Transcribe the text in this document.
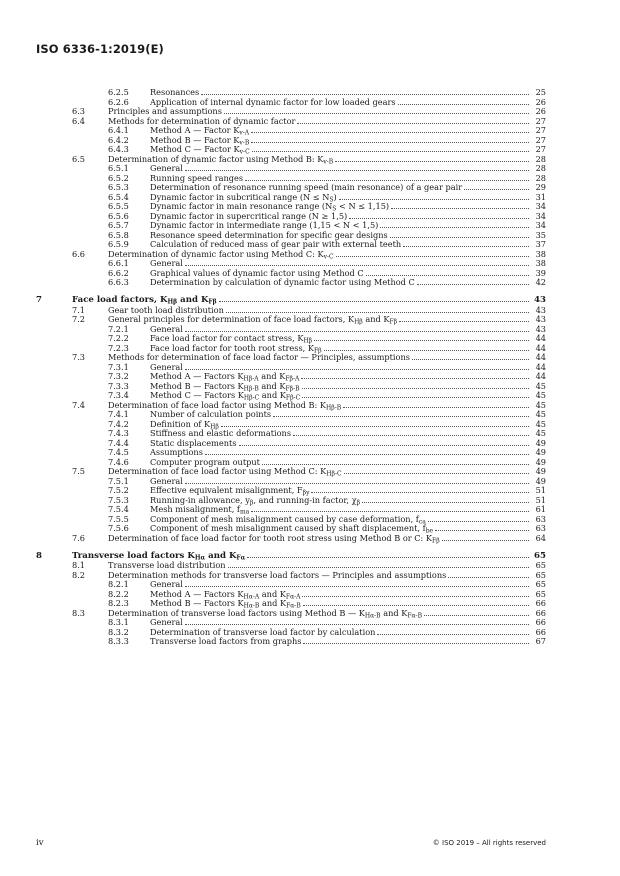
ISO 6336-1:2019(E)
6.2.5	Resonances	25
6.2.6	Application of internal dynamic factor for low loaded gears	26
6.3	Principles and assumptions	26
6.4	Methods for determination of dynamic factor	27
6.4.1	Method A — Factor $K_{v-A}$	27
6.4.2	Method B — Factor $K_{v-B}$	27
6.4.3	Method C — Factor $K_{v-C}$	27
6.5	Determination of dynamic factor using Method B: $K_{v-B}$	28
6.5.1	General	28
6.5.2	Running speed ranges	28
6.5.3	Determination of resonance running speed (main resonance) of a gear pair	29
6.5.4	Dynamic factor in subcritical range $(N \le N_S)$	31
6.5.5	Dynamic factor in main resonance range $(N_S < N \le 1,15)$	34
6.5.6	Dynamic factor in supercritical range (N ≥ 1,5)	34
6.5.7	Dynamic factor in intermediate range (1,15 < N < 1,5)	34
6.5.8	Resonance speed determination for specific gear designs	35
6.5.9	Calculation of reduced mass of gear pair with external teeth	37
6.6	Determination of dynamic factor using Method C: $K_{v-C}$	38
6.6.1	General	38
6.6.2	Graphical values of dynamic factor using Method C	39
6.6.3	Determination by calculation of dynamic factor using Method C	42
7	Face load factors, $K_{H\beta}$ and $K_{F\beta}$	43
7.1	Gear tooth load distribution	43
7.2	General principles for determination of face load factors, $K_{H\beta}$ and $K_{F\beta}$	43
7.2.1	General	43
7.2.2	Face load factor for contact stress, $K_{H\beta}$	44
7.2.3	Face load factor for tooth root stress, $K_{F\beta}$	44
7.3	Methods for determination of face load factor — Principles, assumptions	44
7.3.1	General	44
7.3.2	Method A — Factors $K_{H\beta-A}$ and $K_{F\beta-A}$	44
7.3.3	Method B — Factors $K_{H\beta-B}$ and $K_{F\beta-B}$	45
7.3.4	Method C — Factors $K_{H\beta-C}$ and $K_{F\beta-C}$	45
7.4	Determination of face load factor using Method B: $K_{H\beta-B}$	45
7.4.1	Number of calculation points	45
7.4.2	Definition of $K_{H\beta}$	45
7.4.3	Stiffness and elastic deformations	45
7.4.4	Static displacements	49
7.4.5	Assumptions	49
7.4.6	Computer program output	49
7.5	Determination of face load factor using Method C: $K_{H\beta-C}$	49
7.5.1	General	49
7.5.2	Effective equivalent misalignment, $F_{\beta y}$	51
7.5.3	Running-in allowance, $y_\beta$, and running-in factor, $\chi_\beta$	51
7.5.4	Mesh misalignment, $f_{ma}$	61
7.5.5	Component of mesh misalignment caused by case deformation, $f_{ca}$	63
7.5.6	Component of mesh misalignment caused by shaft displacement, $f_{be}$	63
7.6	Determination of face load factor for tooth root stress using Method B or C: $K_{F\beta}$	64
8	Transverse load factors $K_{H\alpha}$ and $K_{F\alpha}$	65
8.1	Transverse load distribution	65
8.2	Determination methods for transverse load factors — Principles and assumptions	65
8.2.1	General	65
8.2.2	Method A — Factors $K_{H\alpha-A}$ and $K_{F\alpha-A}$	65
8.2.3	Method B — Factors $K_{H\alpha-B}$ and $K_{F\alpha-B}$	66
8.3	Determination of transverse load factors using Method B — $K_{H\alpha-B}$ and $K_{F\alpha-B}$	66
8.3.1	General	66
8.3.2	Determination of transverse load factor by calculation	66
8.3.3	Transverse load factors from graphs	67
iv	© ISO 2019 – All rights reserved
